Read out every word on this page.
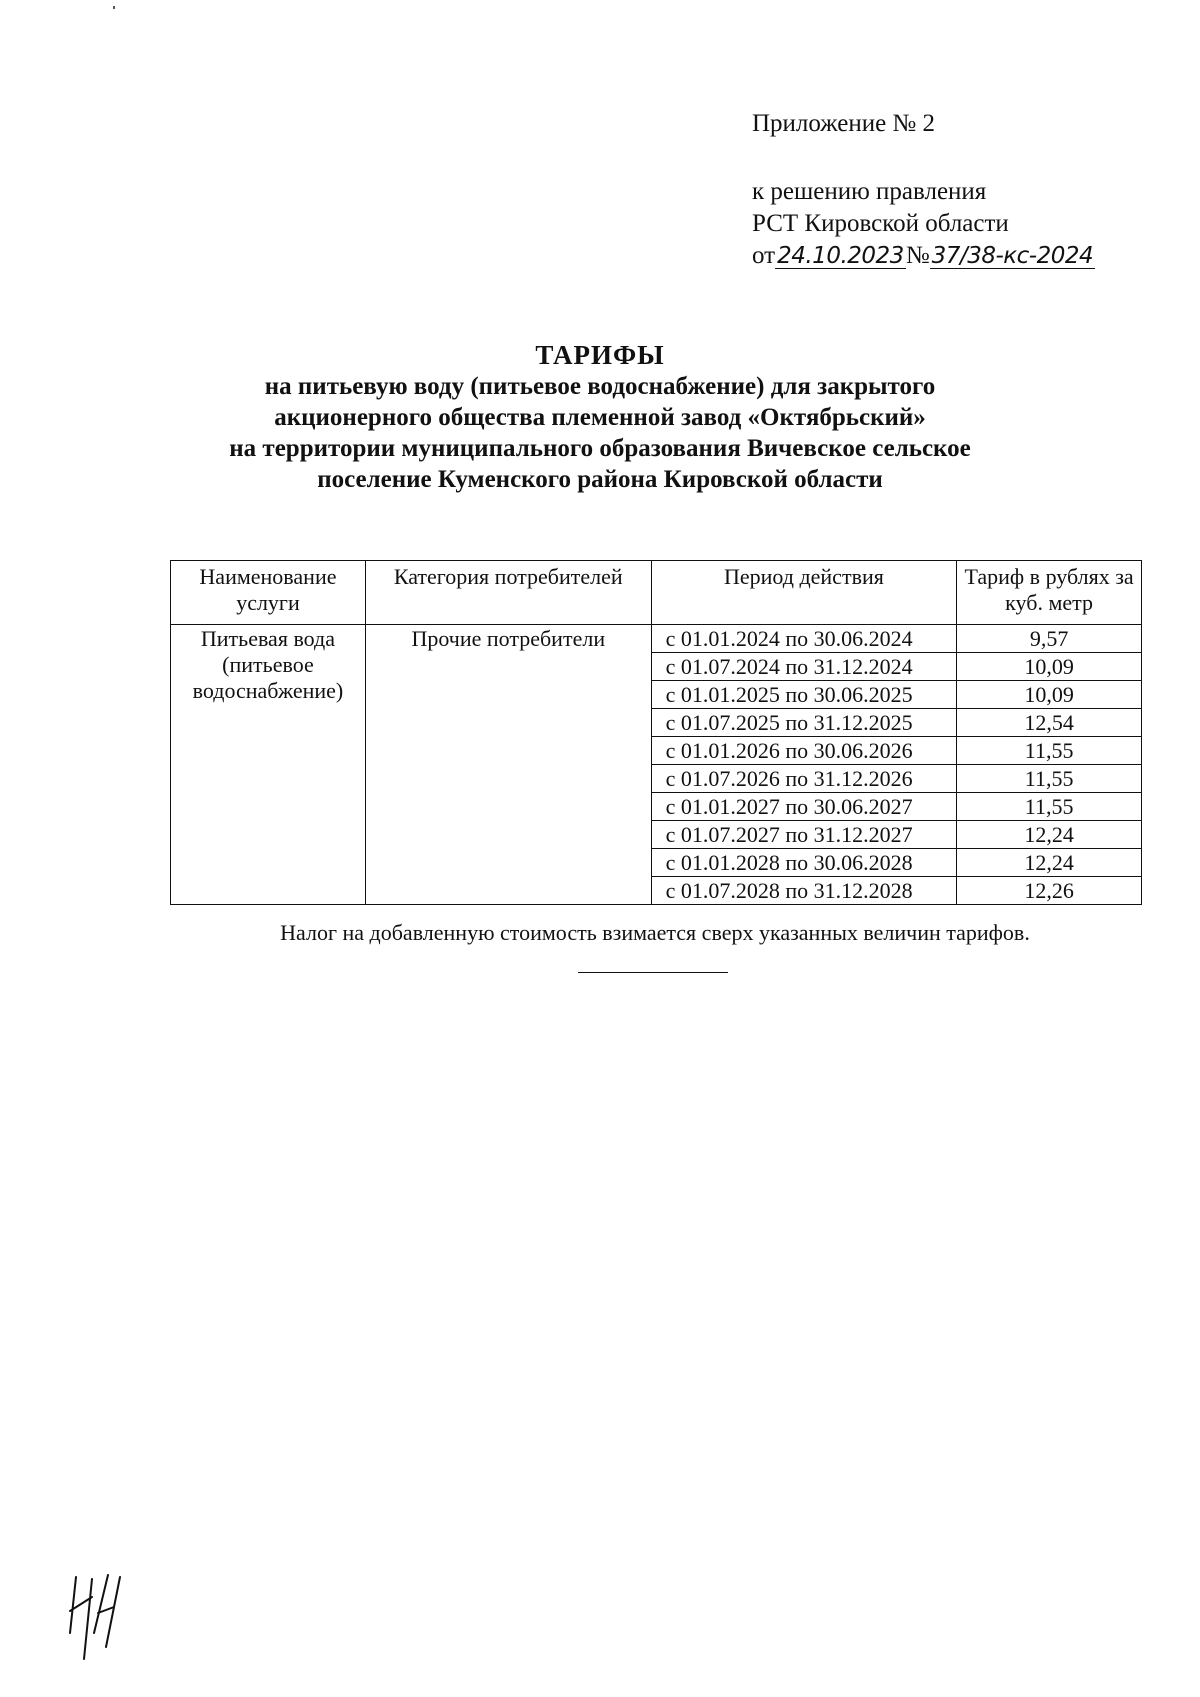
Приложение № 2
к решению правления
РСТ Кировской области
от24.10.2023№37/38-кс-2024
ТАРИФЫ
на питьевую воду (питьевое водоснабжение) для закрытого
акционерного общества племенной завод «Октябрьский»
на территории муниципального образования Вичевское сельское
поселение Куменского района Кировской области
Наименование услуги	Категория потребителей	Период действия	Тариф в рублях за куб. метр
Питьевая вода (питьевое водоснабжение)	Прочие потребители	с 01.01.2024 по 30.06.2024	9,57
		с 01.07.2024 по 31.12.2024	10,09
		с 01.01.2025 по 30.06.2025	10,09
		с 01.07.2025 по 31.12.2025	12,54
		с 01.01.2026 по 30.06.2026	11,55
		с 01.07.2026 по 31.12.2026	11,55
		с 01.01.2027 по 30.06.2027	11,55
		с 01.07.2027 по 31.12.2027	12,24
		с 01.01.2028 по 30.06.2028	12,24
		с 01.07.2028 по 31.12.2028	12,26
Налог на добавленную стоимость взимается сверх указанных величин тарифов.
